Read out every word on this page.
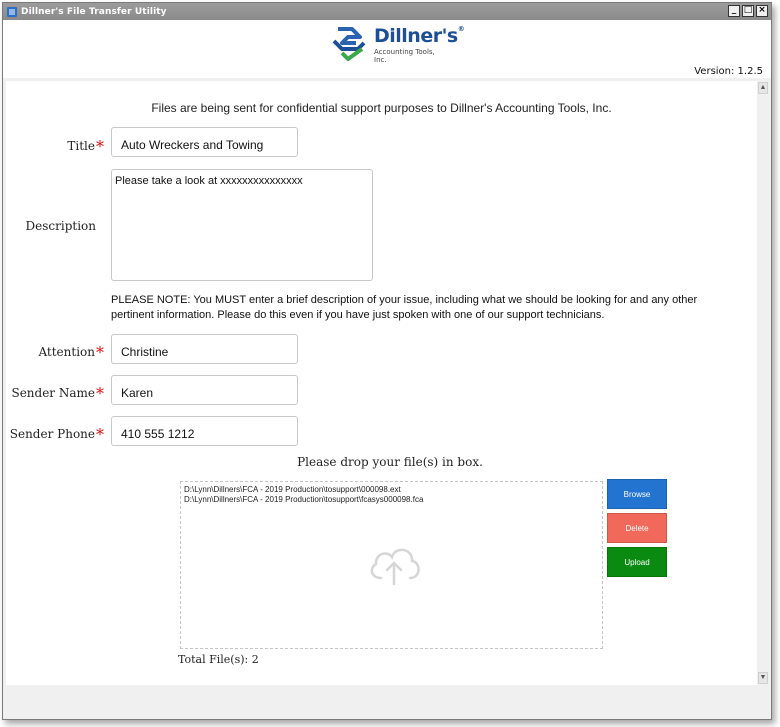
Dillner's File Transfer Utility	_ □ ×
Dillner's®
Accounting Tools, Inc.
Version: 1.2.5
Files are being sent for confidential support purposes to Dillner's Accounting Tools, Inc.
Title*	Auto Wreckers and Towing
Description
Please take a look at xxxxxxxxxxxxxxx
PLEASE NOTE: You MUST enter a brief description of your issue, including what we should be looking for and any other pertinent information. Please do this even if you have just spoken with one of our support technicians.
Attention*	Christine
Sender Name*	Karen
Sender Phone*	410 555 1212
Please drop your file(s) in box.
D:\Lynn\Dillners\FCA - 2019 Production\tosupport\000098.ext
D:\Lynn\Dillners\FCA - 2019 Production\tosupport\fcasys000098.fca
Browse
Delete
Upload
Total File(s): 2
▲
▼
